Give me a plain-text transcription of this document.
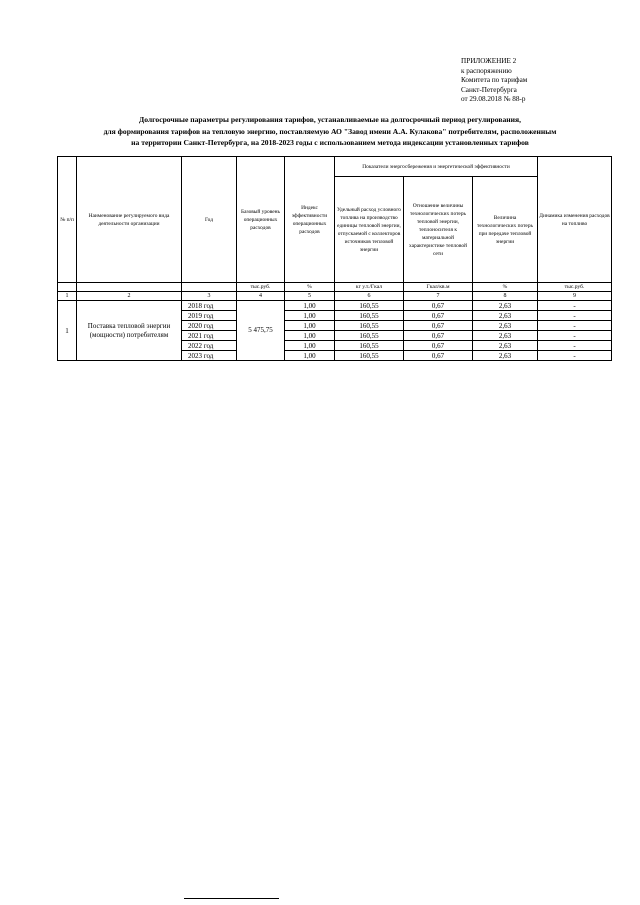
ПРИЛОЖЕНИЕ 2
к распоряжению
Комитета по тарифам
Санкт-Петербурга
от 29.08.2018 № 88-р
Долгосрочные параметры регулирования тарифов, устанавливаемые на долгосрочный период регулирования,
для формирования тарифов на тепловую энергию, поставляемую АО "Завод имени А.А. Кулакова" потребителям, расположенным
на территории Санкт-Петербурга, на 2018-2023 годы с использованием метода индексации установленных тарифов
№ п/п	Наименование регулируемого вида деятельности организации	Год	Базовый уровень операционных расходов	Индекс эффективности операционных расходов	Показатели энергосбережения и энергетической эффективности			Динамика изменения расходов на топливо
					Удельный расход условного топлива на производство единицы тепловой энергии, отпускаемой с коллекторов источников тепловой энергии	Отношение величины технологических потерь тепловой энергии, теплоносителя к материальной характеристике тепловой сети	Величина технологических потерь при передаче тепловой энергии	
			тыс.руб.	%	кг у.т./Гкал	Гкал/кв.м	%	тыс.руб.
1	2	3	4	5	6	7	8	9
1	Поставка тепловой энергии (мощности) потребителям	2018 год	5 475,75	1,00	160,55	0,67	2,63	-
		2019 год		1,00	160,55	0,67	2,63	-
		2020 год		1,00	160,55	0,67	2,63	-
		2021 год		1,00	160,55	0,67	2,63	-
		2022 год		1,00	160,55	0,67	2,63	-
		2023 год		1,00	160,55	0,67	2,63	-
